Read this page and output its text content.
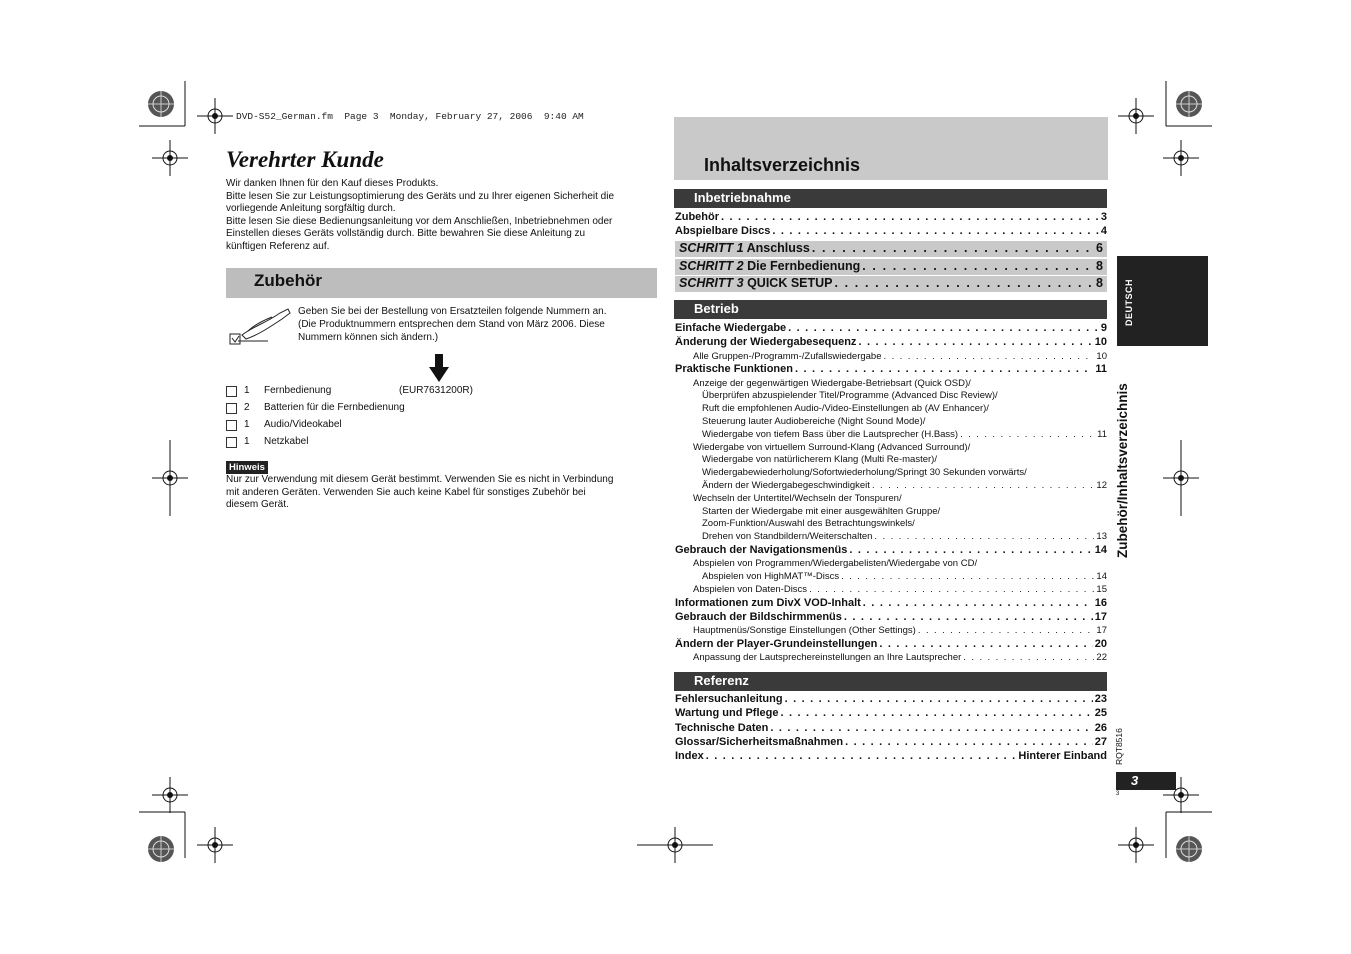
DVD-S52_German.fm  Page 3  Monday, February 27, 2006  9:40 AM
Verehrter Kunde
Wir danken Ihnen für den Kauf dieses Produkts.
Bitte lesen Sie zur Leistungsoptimierung des Geräts und zu Ihrer eigenen Sicherheit die
vorliegende Anleitung sorgfältig durch.
Bitte lesen Sie diese Bedienungsanleitung vor dem Anschließen, Inbetriebnehmen oder
Einstellen dieses Geräts vollständig durch. Bitte bewahren Sie diese Anleitung zu
künftigen Referenz auf.
Zubehör
Geben Sie bei der Bestellung von Ersatzteilen folgende Nummern an.
(Die Produktnummern entsprechen dem Stand von März 2006. Diese
Nummern können sich ändern.)
1 Fernbedienung	(EUR7631200R)
2 Batterien für die Fernbedienung
1 Audio/Videokabel
1 Netzkabel
Hinweis
Nur zur Verwendung mit diesem Gerät bestimmt. Verwenden Sie es nicht in Verbindung
mit anderen Geräten. Verwenden Sie auch keine Kabel für sonstiges Zubehör bei
diesem Gerät.
Inhaltsverzeichnis
Inbetriebnahme
Zubehör . . .	3
Abspielbare Discs . . .	4
SCHRITT 1 Anschluss . . .	6
SCHRITT 2 Die Fernbedienung . . .	8
SCHRITT 3 QUICK SETUP . . .	8
Betrieb
Einfache Wiedergabe . . .	9
Änderung der Wiedergabesequenz . . .	10
Alle Gruppen-/Programm-/Zufallswiedergabe . . .	10
Praktische Funktionen . . .	11
Anzeige der gegenwärtigen Wiedergabe-Betriebsart (Quick OSD)/
Überprüfen abzuspielender Titel/Programme (Advanced Disc Review)/
Ruft die empfohlenen Audio-/Video-Einstellungen ab (AV Enhancer)/
Steuerung lauter Audiobereiche (Night Sound Mode)/
Wiedergabe von tiefem Bass über die Lautsprecher (H.Bass) . . .	11
Wiedergabe von virtuellem Surround-Klang (Advanced Surround)/
Wiedergabe von natürlicherem Klang (Multi Re-master)/
Wiedergabewiederholung/Sofortwiederholung/Springt 30 Sekunden vorwärts/
Ändern der Wiedergabegeschwindigkeit . . .	12
Wechseln der Untertitel/Wechseln der Tonspuren/
Starten der Wiedergabe mit einer ausgewählten Gruppe/
Zoom-Funktion/Auswahl des Betrachtungswinkels/
Drehen von Standbildern/Weiterschalten . . .	13
Gebrauch der Navigationsmenüs . . .	14
Abspielen von Programmen/Wiedergabelisten/Wiedergabe von CD/
Abspielen von HighMAT™-Discs . . .	14
Abspielen von Daten-Discs . . .	15
Informationen zum DivX VOD-Inhalt . . .	16
Gebrauch der Bildschirmmenüs . . .	17
Hauptmenüs/Sonstige Einstellungen (Other Settings) . . .	17
Ändern der Player-Grundeinstellungen . . .	20
Anpassung der Lautsprechereinstellungen an Ihre Lautsprecher . . .	22
Referenz
Fehlersuchanleitung . . .	23
Wartung und Pflege . . .	25
Technische Daten . . .	26
Glossar/Sicherheitsmaßnahmen . . .	27
Index . . .	Hinterer Einband
DEUTSCH
Zubehör/Inhaltsverzeichnis
RQT8516
3
3
